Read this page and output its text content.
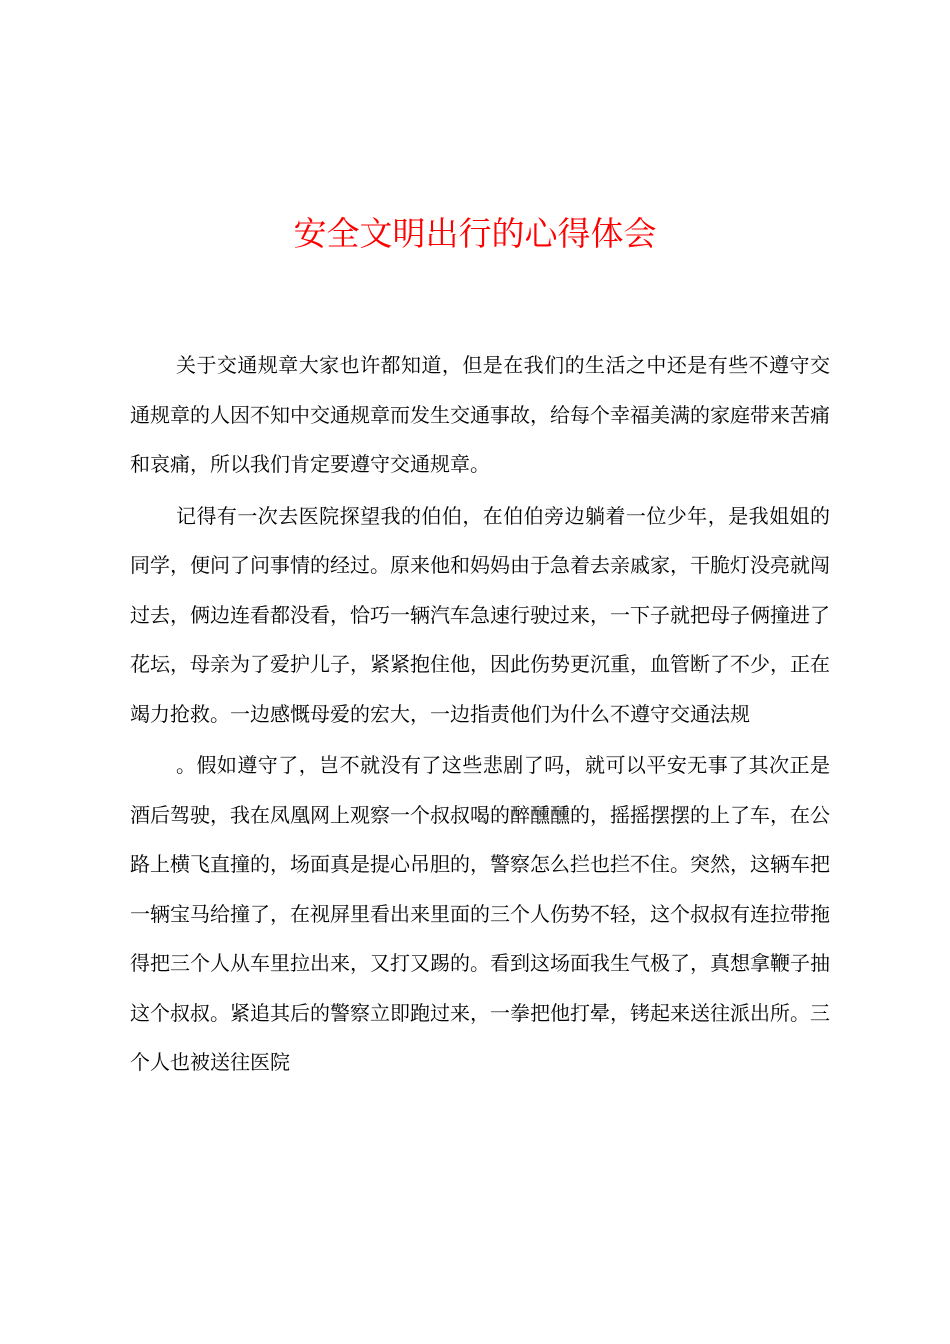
安全文明出行的心得体会

关于交通规章大家也许都知道，但是在我们的生活之中还是有些不遵守交通规章的人因不知中交通规章而发生交通事故，给每个幸福美满的家庭带来苦痛和哀痛，所以我们肯定要遵守交通规章。

记得有一次去医院探望我的伯伯，在伯伯旁边躺着一位少年，是我姐姐的同学，便问了问事情的经过。原来他和妈妈由于急着去亲戚家，干脆灯没亮就闯过去，俩边连看都没看，恰巧一辆汽车急速行驶过来，一下子就把母子俩撞进了花坛，母亲为了爱护儿子，紧紧抱住他，因此伤势更沉重，血管断了不少，正在竭力抢救。一边感慨母爱的宏大，一边指责他们为什么不遵守交通法规

。假如遵守了，岂不就没有了这些悲剧了吗，就可以平安无事了其次正是酒后驾驶，我在凤凰网上观察一个叔叔喝的醉醺醺的，摇摇摆摆的上了车，在公路上横飞直撞的，场面真是提心吊胆的，警察怎么拦也拦不住。突然，这辆车把一辆宝马给撞了，在视屏里看出来里面的三个人伤势不轻，这个叔叔有连拉带拖得把三个人从车里拉出来，又打又踢的。看到这场面我生气极了，真想拿鞭子抽这个叔叔。紧追其后的警察立即跑过来，一拳把他打晕，铐起来送往派出所。三个人也被送往医院
